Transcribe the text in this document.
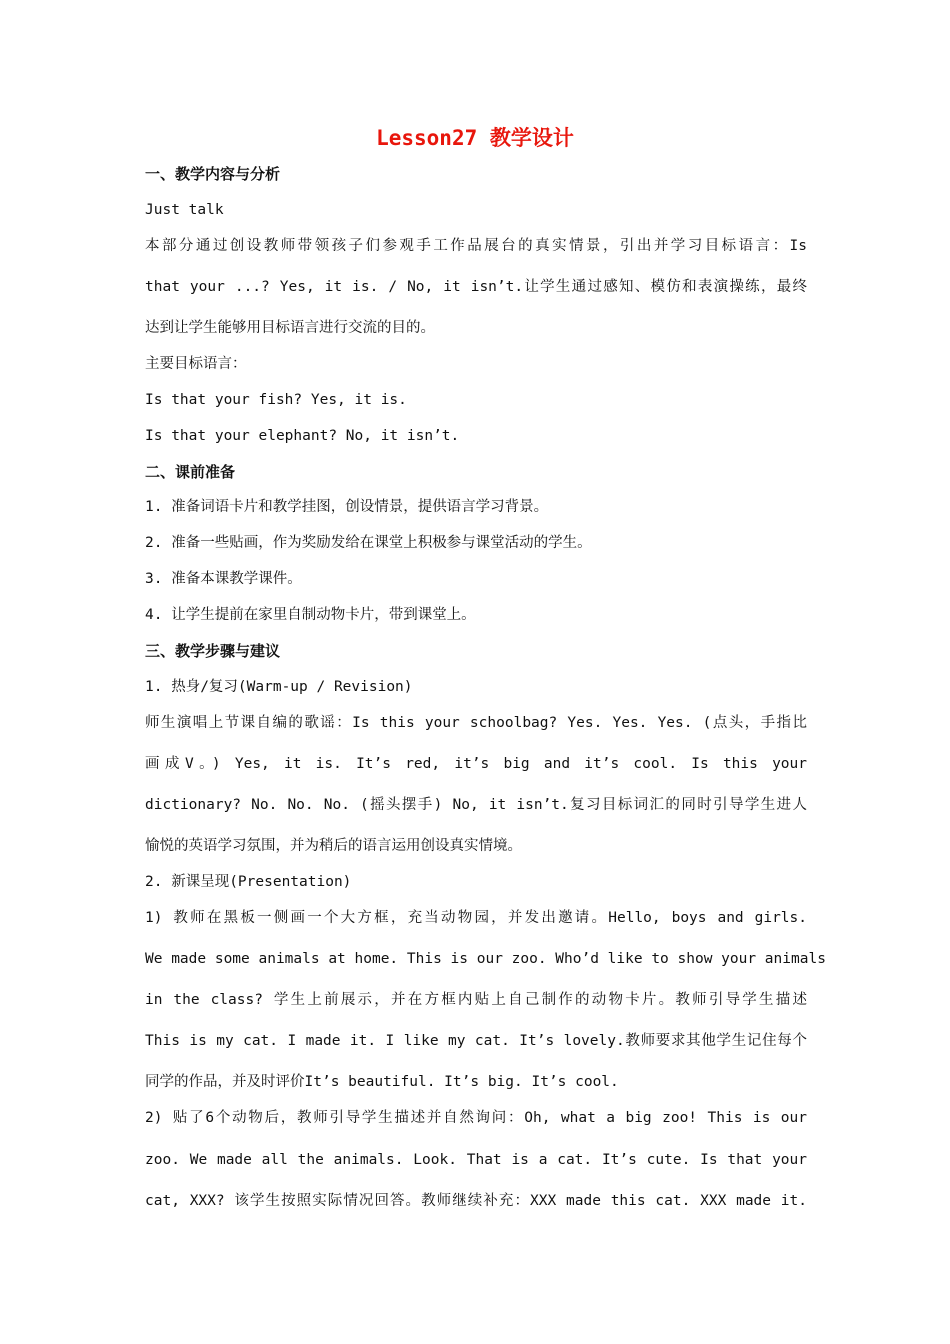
Lesson27 教学设计
一、教学内容与分析
Just talk
本部分通过创设教师带领孩子们参观手工作品展台的真实情景，引出并学习目标语言：Is
that your ...? Yes, it is. / No, it isn’t.让学生通过感知、模仿和表演操练，最终
达到让学生能够用目标语言进行交流的目的。
主要目标语言：
Is that your fish? Yes, it is.
Is that your elephant? No, it isn’t.
二、课前准备
1. 准备词语卡片和教学挂图，创设情景，提供语言学习背景。
2. 准备一些贴画，作为奖励发给在课堂上积极参与课堂活动的学生。
3. 准备本课教学课件。
4. 让学生提前在家里自制动物卡片，带到课堂上。
三、教学步骤与建议
1. 热身/复习(Warm-up / Revision)
师生演唱上节课自编的歌谣：Is this your schoolbag? Yes. Yes. Yes. (点头，手指比
画成V。) Yes, it is. It’s red, it’s big and it’s cool. Is this your
dictionary? No. No. No. (摇头摆手) No, it isn’t.复习目标词汇的同时引导学生进人
愉悦的英语学习氛围，并为稍后的语言运用创设真实情境。
2. 新课呈现(Presentation)
1) 教师在黑板一侧画一个大方框，充当动物园，并发出邀请。Hello, boys and girls.
We made some animals at home. This is our zoo. Who’d like to show your animals
in the class? 学生上前展示，并在方框内贴上自己制作的动物卡片。教师引导学生描述
This is my cat. I made it. I like my cat. It’s lovely.教师要求其他学生记住每个
同学的作品，并及时评价It’s beautiful. It’s big. It’s cool.
2) 贴了6个动物后，教师引导学生描述并自然询问：Oh, what a big zoo! This is our
zoo. We made all the animals. Look. That is a cat. It’s cute. Is that your
cat, XXX? 该学生按照实际情况回答。教师继续补充：XXX made this cat. XXX made it.
